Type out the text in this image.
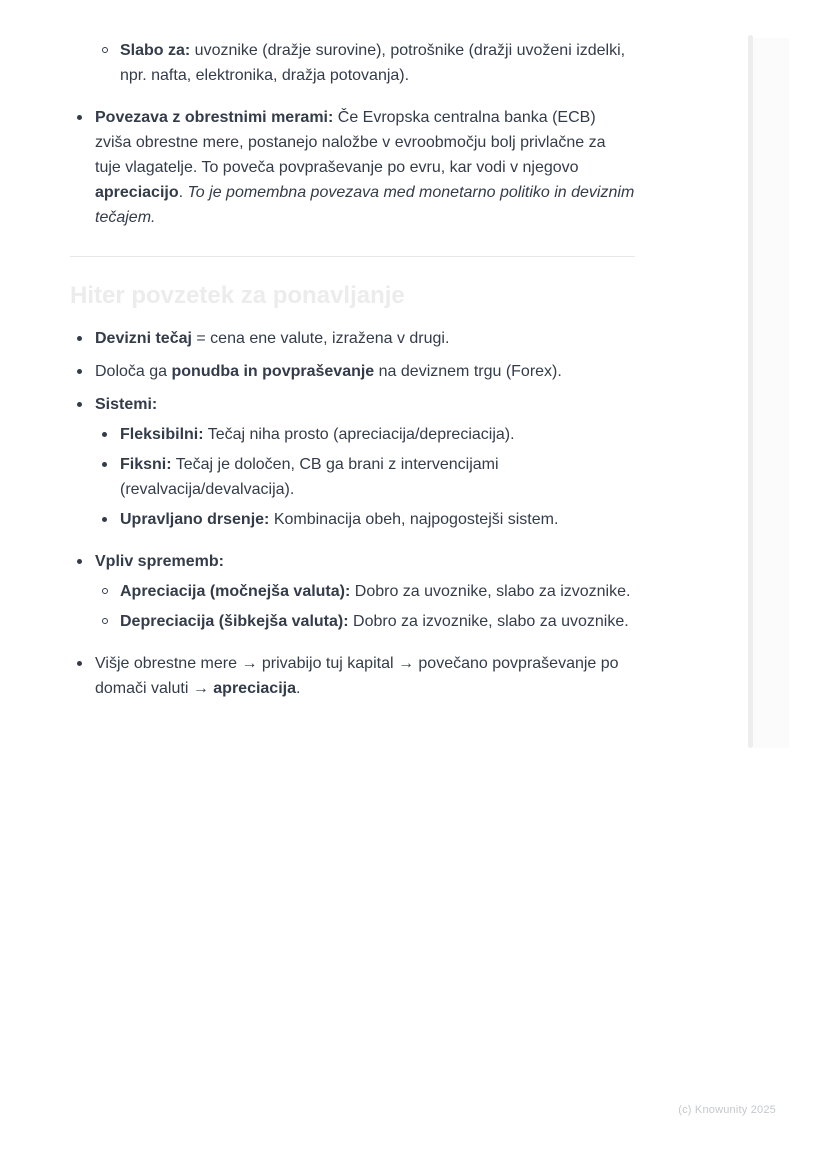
Slabo za: uvoznike (dražje surovine), potrošnike (dražji uvoženi izdelki, npr. nafta, elektronika, dražja potovanja).
Povezava z obrestnimi merami: Če Evropska centralna banka (ECB) zviša obrestne mere, postanejo naložbe v evroobmočju bolj privlačne za tuje vlagatelje. To poveča povpraševanje po evru, kar vodi v njegovo apreciacijo. To je pomembna povezava med monetarno politiko in deviznim tečajem.
Hiter povzetek za ponavljanje
Devizni tečaj = cena ene valute, izražena v drugi.
Določa ga ponudba in povpraševanje na deviznem trgu (Forex).
Sistemi:
Fleksibilni: Tečaj niha prosto (apreciacija/depreciacija).
Fiksni: Tečaj je določen, CB ga brani z intervencijami (revalvacija/devalvacija).
Upravljano drsenje: Kombinacija obeh, najpogostejši sistem.
Vpliv sprememb:
Apreciacija (močnejša valuta): Dobro za uvoznike, slabo za izvoznike.
Depreciacija (šibkejša valuta): Dobro za izvoznike, slabo za uvoznike.
Višje obrestne mere → privabijo tuj kapital → povečano povpraševanje po domači valuti → apreciacija.
(c) Knowunity 2025
